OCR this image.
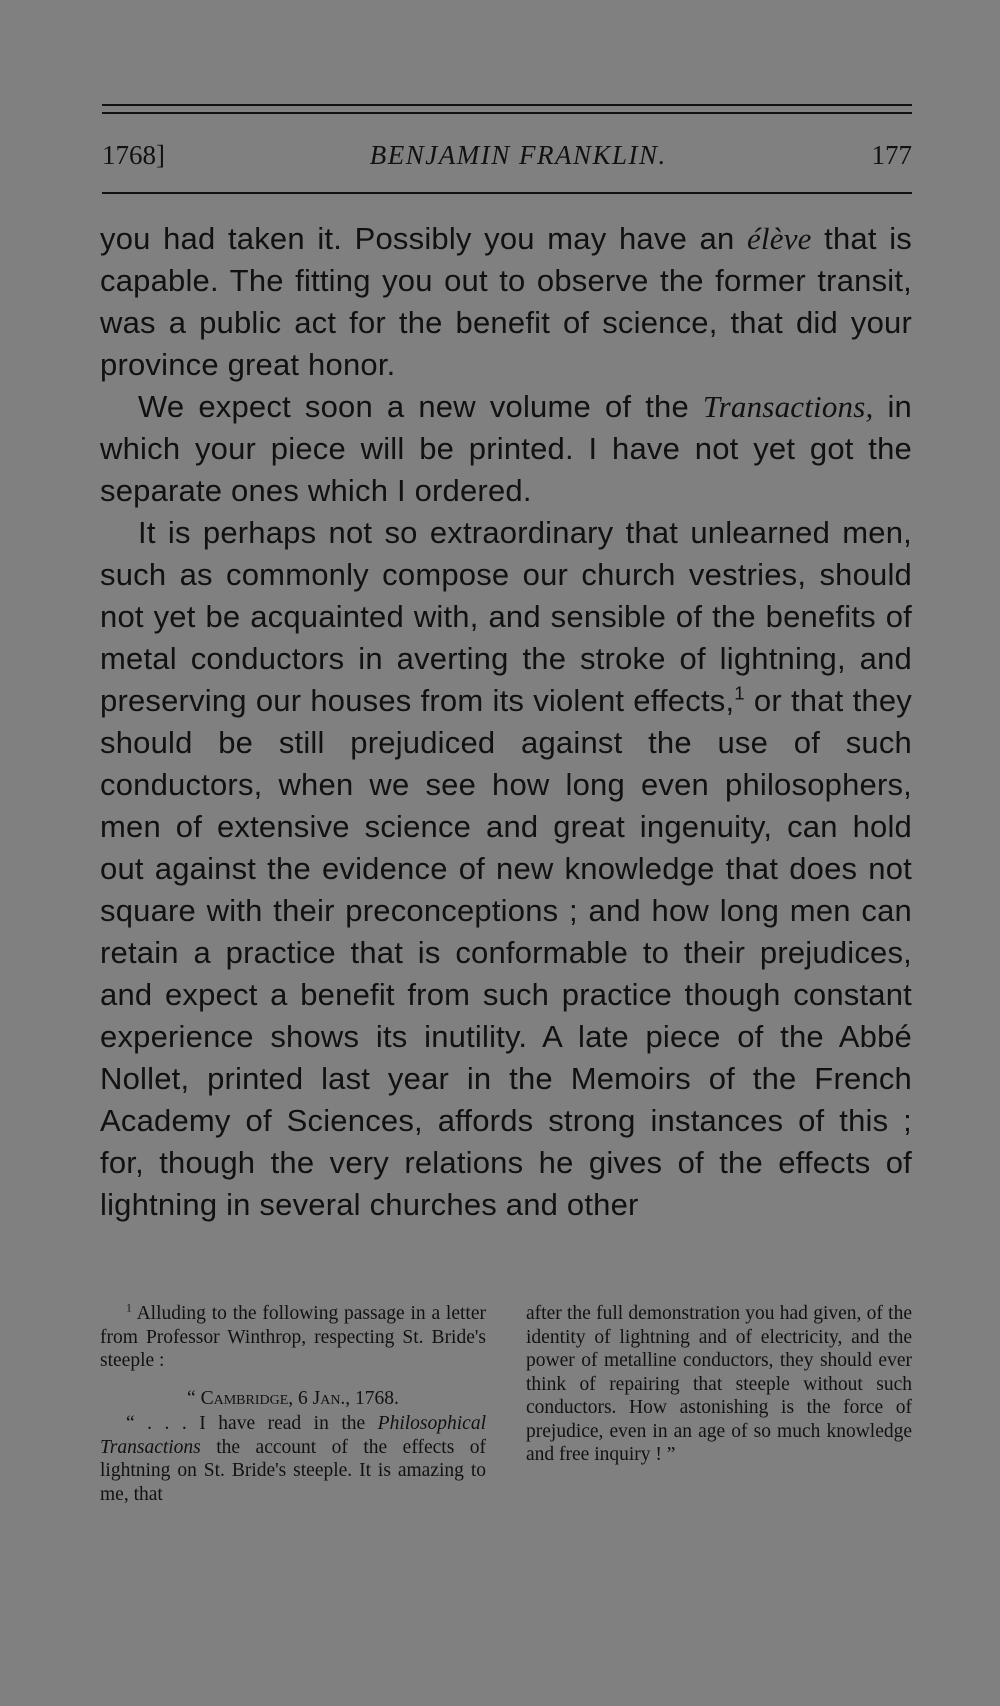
1768]	BENJAMIN FRANKLIN.	177

you had taken it. Possibly you may have an élève that is capable. The fitting you out to observe the former transit, was a public act for the benefit of science, that did your province great honor.

We expect soon a new volume of the Transactions, in which your piece will be printed. I have not yet got the separate ones which I ordered.

It is perhaps not so extraordinary that unlearned men, such as commonly compose our church vestries, should not yet be acquainted with, and sensible of the benefits of metal conductors in averting the stroke of lightning, and preserving our houses from its violent effects,$^1$ or that they should be still prejudiced against the use of such conductors, when we see how long even philosophers, men of extensive science and great ingenuity, can hold out against the evidence of new knowledge that does not square with their preconceptions ; and how long men can retain a practice that is conformable to their prejudices, and expect a benefit from such practice though constant experience shows its inutility. A late piece of the Abbé Nollet, printed last year in the Memoirs of the French Academy of Sciences, affords strong instances of this ; for, though the very relations he gives of the effects of lightning in several churches and other

$^1$ Alluding to the following passage in a letter from Professor Winthrop, respecting St. Bride's steeple :

“ Cambridge, 6 Jan., 1768.

“ . . . I have read in the Philosophical Transactions the account of the effects of lightning on St. Bride's steeple. It is amazing to me, that

after the full demonstration you had given, of the identity of lightning and of electricity, and the power of metalline conductors, they should ever think of repairing that steeple without such conductors. How astonishing is the force of prejudice, even in an age of so much knowledge and free inquiry ! ”
